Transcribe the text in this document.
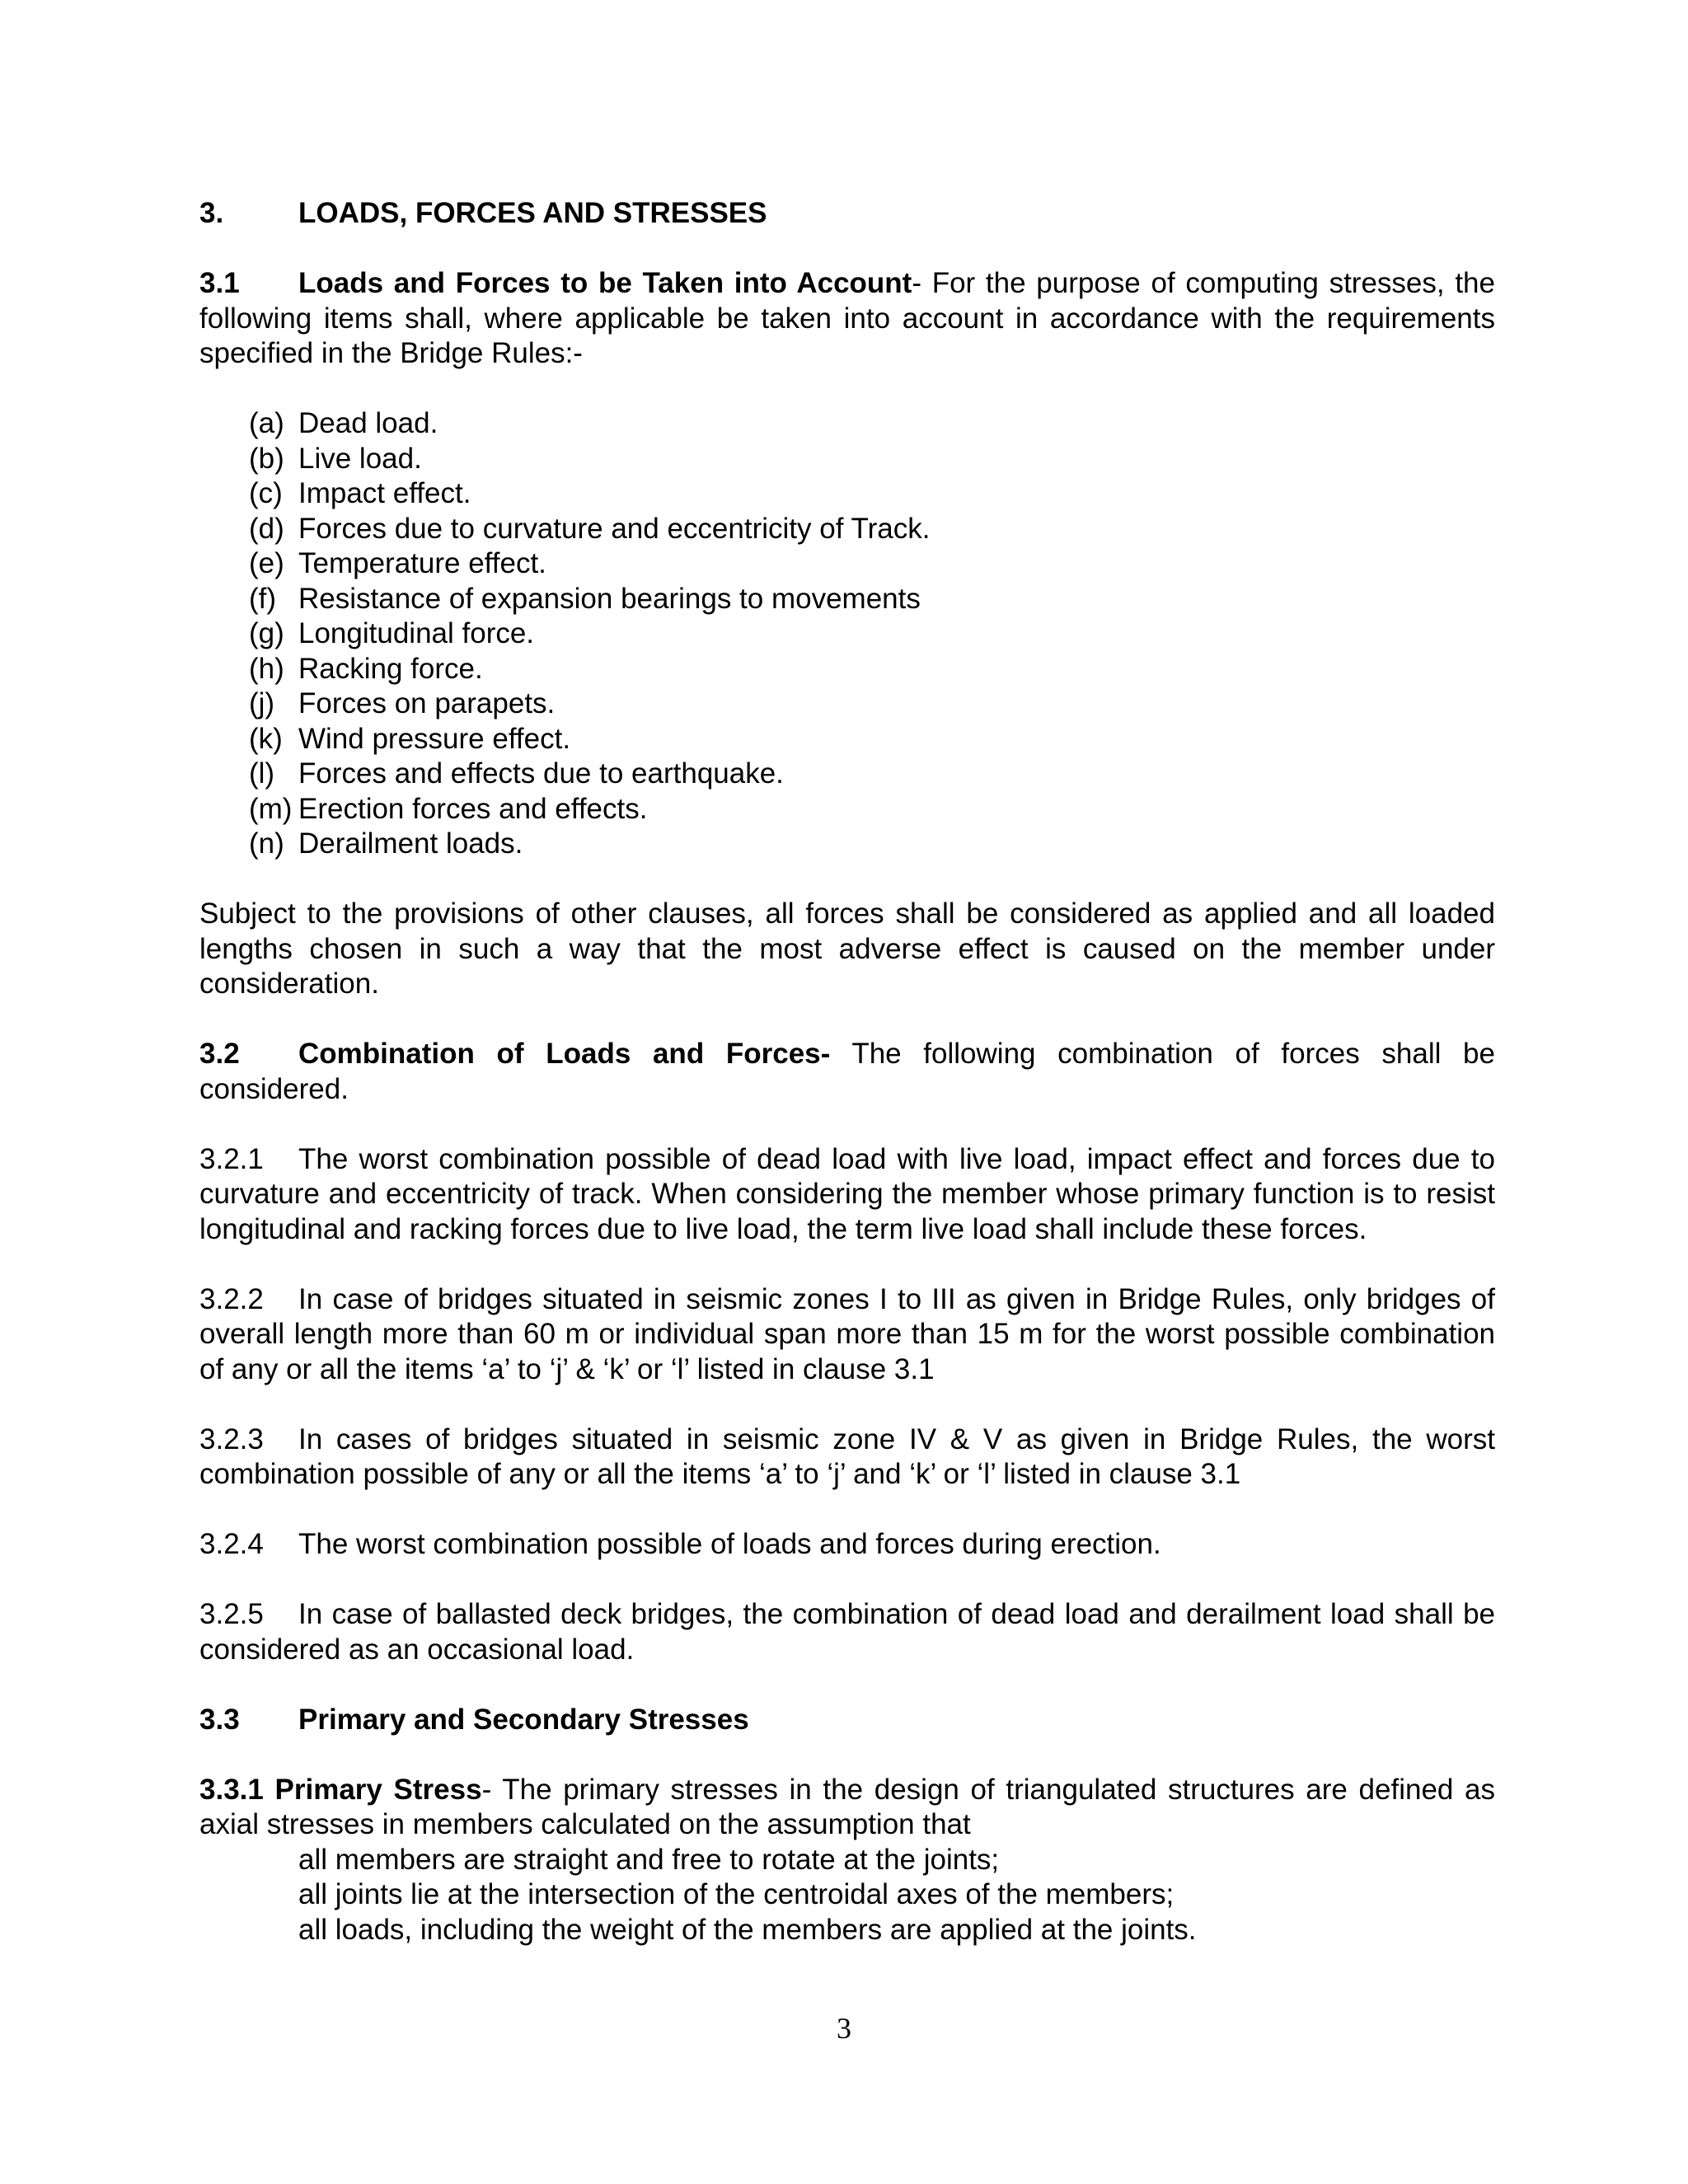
3.	LOADS, FORCES AND STRESSES

3.1 Loads and Forces to be Taken into Account- For the purpose of computing stresses, the following items shall, where applicable be taken into account in accordance with the requirements specified in the Bridge Rules:-

(a) Dead load.
(b) Live load.
(c) Impact effect.
(d) Forces due to curvature and eccentricity of Track.
(e) Temperature effect.
(f) Resistance of expansion bearings to movements
(g) Longitudinal force.
(h) Racking force.
(j) Forces on parapets.
(k) Wind pressure effect.
(l) Forces and effects due to earthquake.
(m) Erection forces and effects.
(n) Derailment loads.

Subject to the provisions of other clauses, all forces shall be considered as applied and all loaded lengths chosen in such a way that the most adverse effect is caused on the member under consideration.

3.2 Combination of Loads and Forces- The following combination of forces shall be considered.

3.2.1 The worst combination possible of dead load with live load, impact effect and forces due to curvature and eccentricity of track. When considering the member whose primary function is to resist longitudinal and racking forces due to live load, the term live load shall include these forces.

3.2.2 In case of bridges situated in seismic zones I to III as given in Bridge Rules, only bridges of overall length more than 60 m or individual span more than 15 m for the worst possible combination of any or all the items ‘a’ to ‘j’ & ‘k’ or ‘l’ listed in clause 3.1

3.2.3 In cases of bridges situated in seismic zone IV & V as given in Bridge Rules, the worst combination possible of any or all the items ‘a’ to ‘j’ and ‘k’ or ‘l’ listed in clause 3.1

3.2.4 The worst combination possible of loads and forces during erection.

3.2.5 In case of ballasted deck bridges, the combination of dead load and derailment load shall be considered as an occasional load.

3.3 Primary and Secondary Stresses

3.3.1 Primary Stress- The primary stresses in the design of triangulated structures are defined as axial stresses in members calculated on the assumption that

all members are straight and free to rotate at the joints;
all joints lie at the intersection of the centroidal axes of the members;
all loads, including the weight of the members are applied at the joints.
3
